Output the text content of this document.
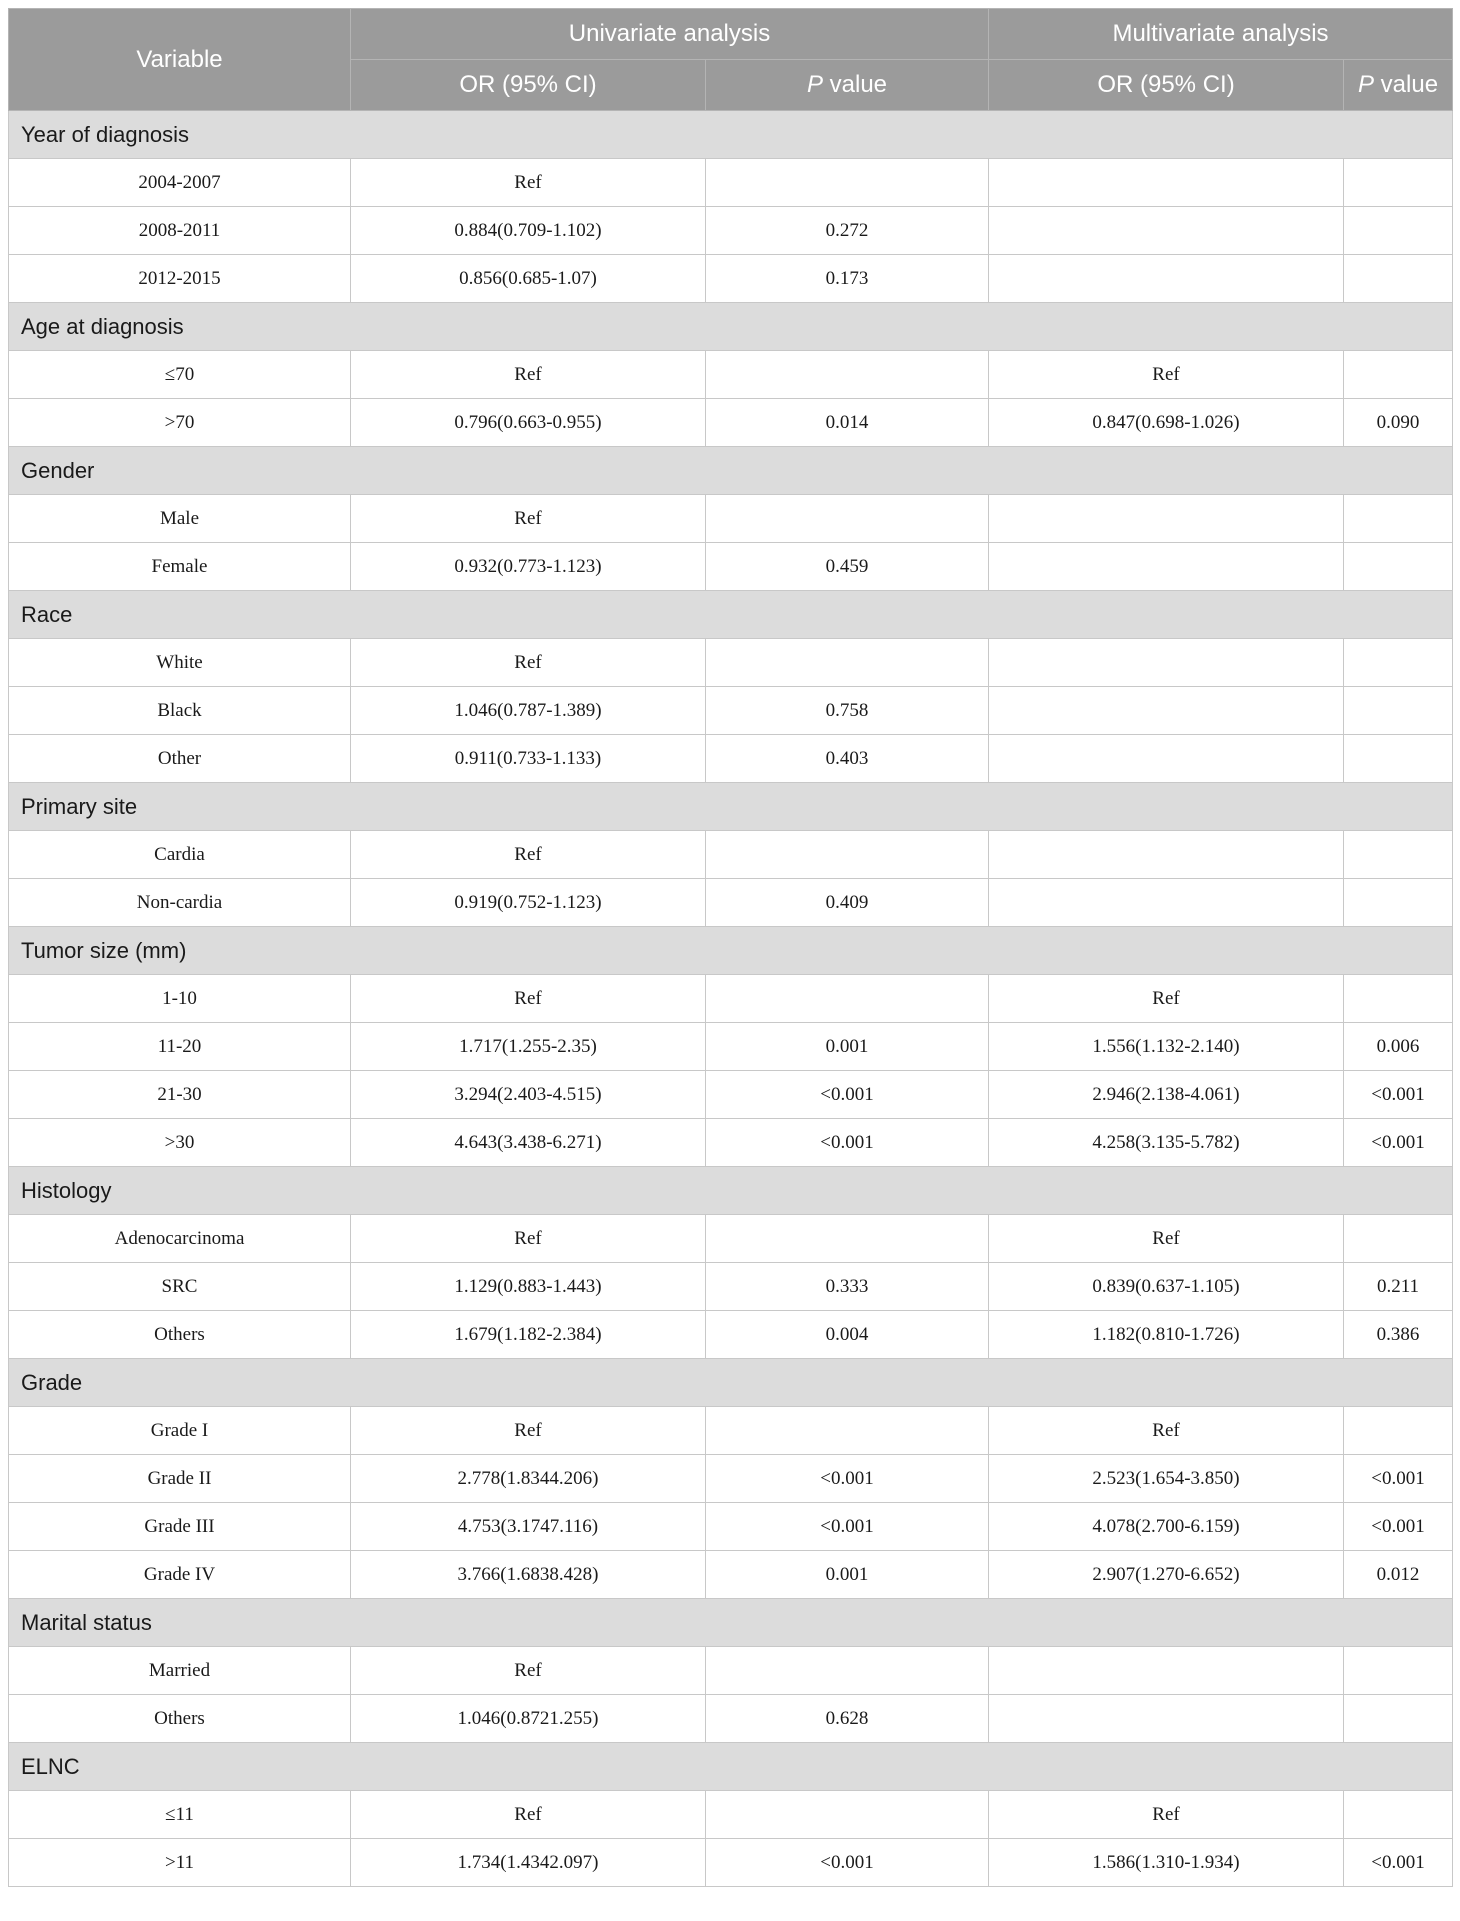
Variable	Univariate analysis		Multivariate analysis	
	OR (95% CI)	P value	OR (95% CI)	P value
Year of diagnosis				
2004-2007	Ref			
2008-2011	0.884(0.709-1.102)	0.272		
2012-2015	0.856(0.685-1.07)	0.173		
Age at diagnosis				
≤70	Ref		Ref	
>70	0.796(0.663-0.955)	0.014	0.847(0.698-1.026)	0.090
Gender				
Male	Ref			
Female	0.932(0.773-1.123)	0.459		
Race				
White	Ref			
Black	1.046(0.787-1.389)	0.758		
Other	0.911(0.733-1.133)	0.403		
Primary site				
Cardia	Ref			
Non-cardia	0.919(0.752-1.123)	0.409		
Tumor size (mm)				
1-10	Ref		Ref	
11-20	1.717(1.255-2.35)	0.001	1.556(1.132-2.140)	0.006
21-30	3.294(2.403-4.515)	<0.001	2.946(2.138-4.061)	<0.001
>30	4.643(3.438-6.271)	<0.001	4.258(3.135-5.782)	<0.001
Histology				
Adenocarcinoma	Ref		Ref	
SRC	1.129(0.883-1.443)	0.333	0.839(0.637-1.105)	0.211
Others	1.679(1.182-2.384)	0.004	1.182(0.810-1.726)	0.386
Grade				
Grade I	Ref		Ref	
Grade II	2.778(1.8344.206)	<0.001	2.523(1.654-3.850)	<0.001
Grade III	4.753(3.1747.116)	<0.001	4.078(2.700-6.159)	<0.001
Grade IV	3.766(1.6838.428)	0.001	2.907(1.270-6.652)	0.012
Marital status				
Married	Ref			
Others	1.046(0.8721.255)	0.628		
ELNC				
≤11	Ref		Ref	
>11	1.734(1.4342.097)	<0.001	1.586(1.310-1.934)	<0.001
